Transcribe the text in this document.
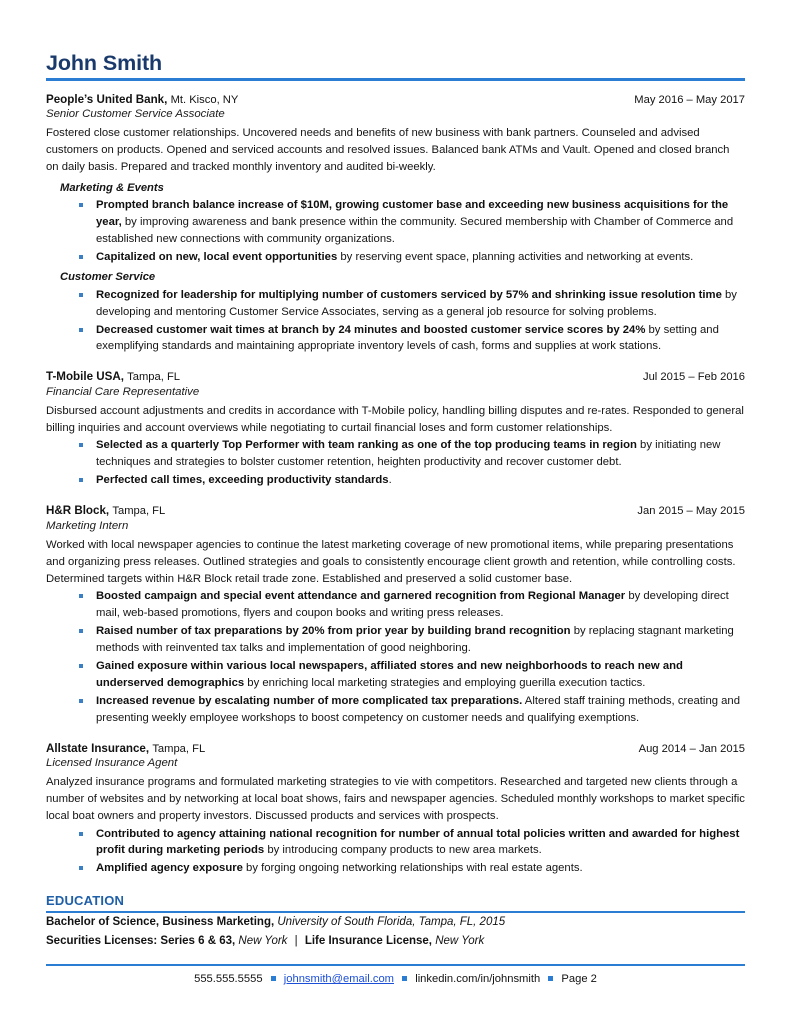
John Smith
People’s United Bank, Mt. Kisco, NY	May 2016 – May 2017
Senior Customer Service Associate

Fostered close customer relationships. Uncovered needs and benefits of new business with bank partners. Counseled and advised customers on products. Opened and serviced accounts and resolved issues. Balanced bank ATMs and Vault. Opened and closed branch on daily basis. Prepared and tracked monthly inventory and audited bi-weekly.

Marketing & Events
Prompted branch balance increase of $10M, growing customer base and exceeding new business acquisitions for the year, by improving awareness and bank presence within the community. Secured membership with Chamber of Commerce and established new connections with community organizations.
Capitalized on new, local event opportunities by reserving event space, planning activities and networking at events.
Customer Service
Recognized for leadership for multiplying number of customers serviced by 57% and shrinking issue resolution time by developing and mentoring Customer Service Associates, serving as a general job resource for solving problems.
Decreased customer wait times at branch by 24 minutes and boosted customer service scores by 24% by setting and exemplifying standards and maintaining appropriate inventory levels of cash, forms and supplies at work stations.
T-Mobile USA, Tampa, FL	Jul 2015 – Feb 2016
Financial Care Representative

Disbursed account adjustments and credits in accordance with T-Mobile policy, handling billing disputes and re-rates. Responded to general billing inquiries and account overviews while negotiating to curtail financial loses and form customer relationships.

Selected as a quarterly Top Performer with team ranking as one of the top producing teams in region by initiating new techniques and strategies to bolster customer retention, heighten productivity and recover customer debt.
Perfected call times, exceeding productivity standards.
H&R Block, Tampa, FL	Jan 2015 – May 2015
Marketing Intern

Worked with local newspaper agencies to continue the latest marketing coverage of new promotional items, while preparing presentations and organizing press releases. Outlined strategies and goals to consistently encourage client growth and retention, while controlling costs. Determined targets within H&R Block retail trade zone. Established and preserved a solid customer base.

Boosted campaign and special event attendance and garnered recognition from Regional Manager by developing direct mail, web-based promotions, flyers and coupon books and writing press releases.
Raised number of tax preparations by 20% from prior year by building brand recognition by replacing stagnant marketing methods with reinvented tax talks and implementation of good neighboring.
Gained exposure within various local newspapers, affiliated stores and new neighborhoods to reach new and underserved demographics by enriching local marketing strategies and employing guerilla execution tactics.
Increased revenue by escalating number of more complicated tax preparations. Altered staff training methods, creating and presenting weekly employee workshops to boost competency on customer needs and qualifying exemptions.
Allstate Insurance, Tampa, FL	Aug 2014 – Jan 2015
Licensed Insurance Agent

Analyzed insurance programs and formulated marketing strategies to vie with competitors. Researched and targeted new clients through a number of websites and by networking at local boat shows, fairs and newspaper agencies. Scheduled monthly workshops to market specific local boat owners and property investors. Discussed products and services with prospects.

Contributed to agency attaining national recognition for number of annual total policies written and awarded for highest profit during marketing periods by introducing company products to new area markets.
Amplified agency exposure by forging ongoing networking relationships with real estate agents.
EDUCATION
Bachelor of Science, Business Marketing, University of South Florida, Tampa, FL, 2015
Securities Licenses: Series 6 & 63, New York | Life Insurance License, New York
555.555.5555 johnsmith@email.com linkedin.com/in/johnsmith Page 2
